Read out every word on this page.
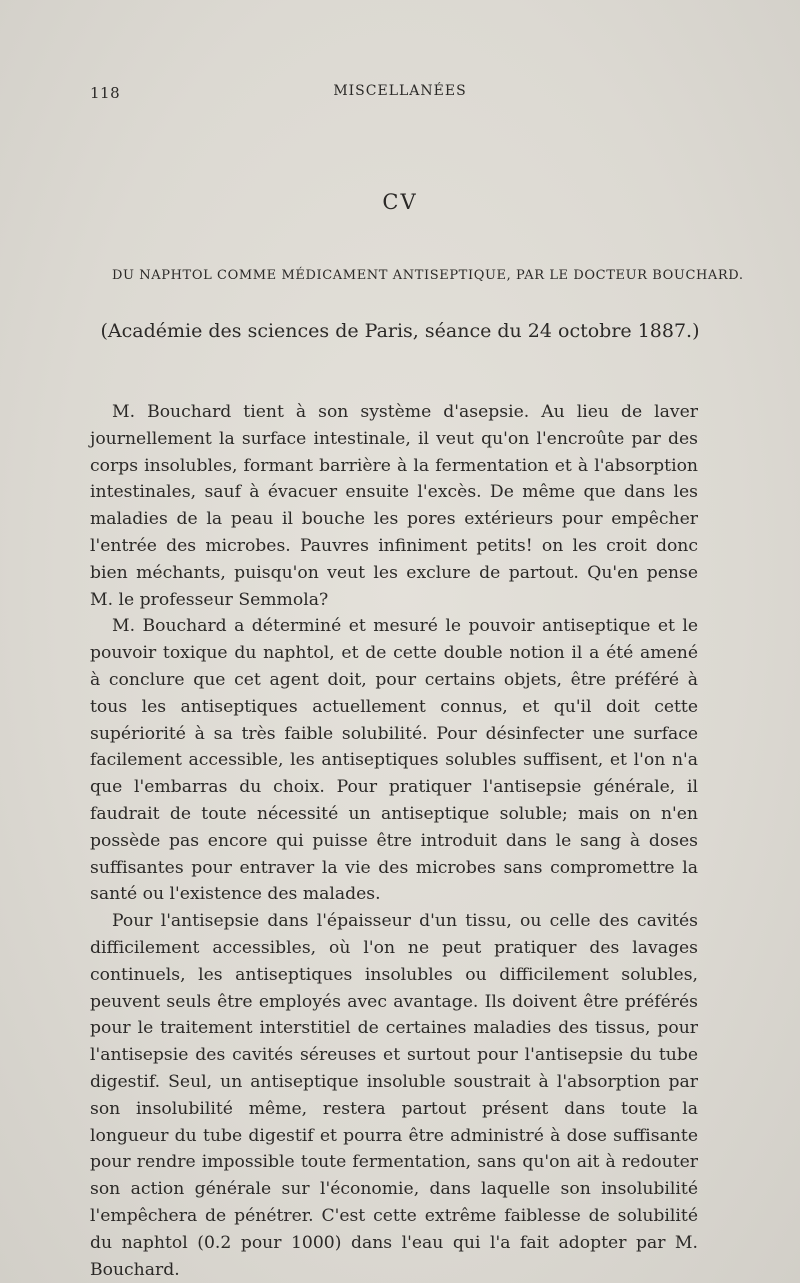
118	MISCELLANÉES
CV
DU NAPHTOL COMME MÉDICAMENT ANTISEPTIQUE, PAR LE DOCTEUR BOUCHARD.
(Académie des sciences de Paris, séance du 24 octobre 1887.)

M. Bouchard tient à son système d'asepsie. Au lieu de laver journellement la surface intestinale, il veut qu'on l'encroûte par des corps insolubles, formant barrière à la fermentation et à l'absorption intestinales, sauf à évacuer ensuite l'excès. De même que dans les maladies de la peau il bouche les pores extérieurs pour empêcher l'entrée des microbes. Pauvres infiniment petits! on les croit donc bien méchants, puisqu'on veut les exclure de partout. Qu'en pense M. le professeur Semmola?

M. Bouchard a déterminé et mesuré le pouvoir antiseptique et le pouvoir toxique du naphtol, et de cette double notion il a été amené à conclure que cet agent doit, pour certains objets, être préféré à tous les antiseptiques actuellement connus, et qu'il doit cette supériorité à sa très faible solubilité. Pour désinfecter une surface facilement accessible, les antiseptiques solubles suffisent, et l'on n'a que l'embarras du choix. Pour pratiquer l'antisepsie générale, il faudrait de toute nécessité un antiseptique soluble; mais on n'en possède pas encore qui puisse être introduit dans le sang à doses suffisantes pour entraver la vie des microbes sans compromettre la santé ou l'existence des malades.

Pour l'antisepsie dans l'épaisseur d'un tissu, ou celle des cavités difficilement accessibles, où l'on ne peut pratiquer des lavages continuels, les antiseptiques insolubles ou difficilement solubles, peuvent seuls être employés avec avantage. Ils doivent être préférés pour le traitement interstitiel de certaines maladies des tissus, pour l'antisepsie des cavités séreuses et surtout pour l'antisepsie du tube digestif. Seul, un antiseptique insoluble soustrait à l'absorption par son insolubilité même, restera partout présent dans toute la longueur du tube digestif et pourra être administré à dose suffisante pour rendre impossible toute fermentation, sans qu'on ait à redouter son action générale sur l'économie, dans laquelle son insolubilité l'empêchera de pénétrer. C'est cette extrême faiblesse de solubilité du naphtol (0.2 pour 1000) dans l'eau qui l'a fait adopter par M. Bouchard.
